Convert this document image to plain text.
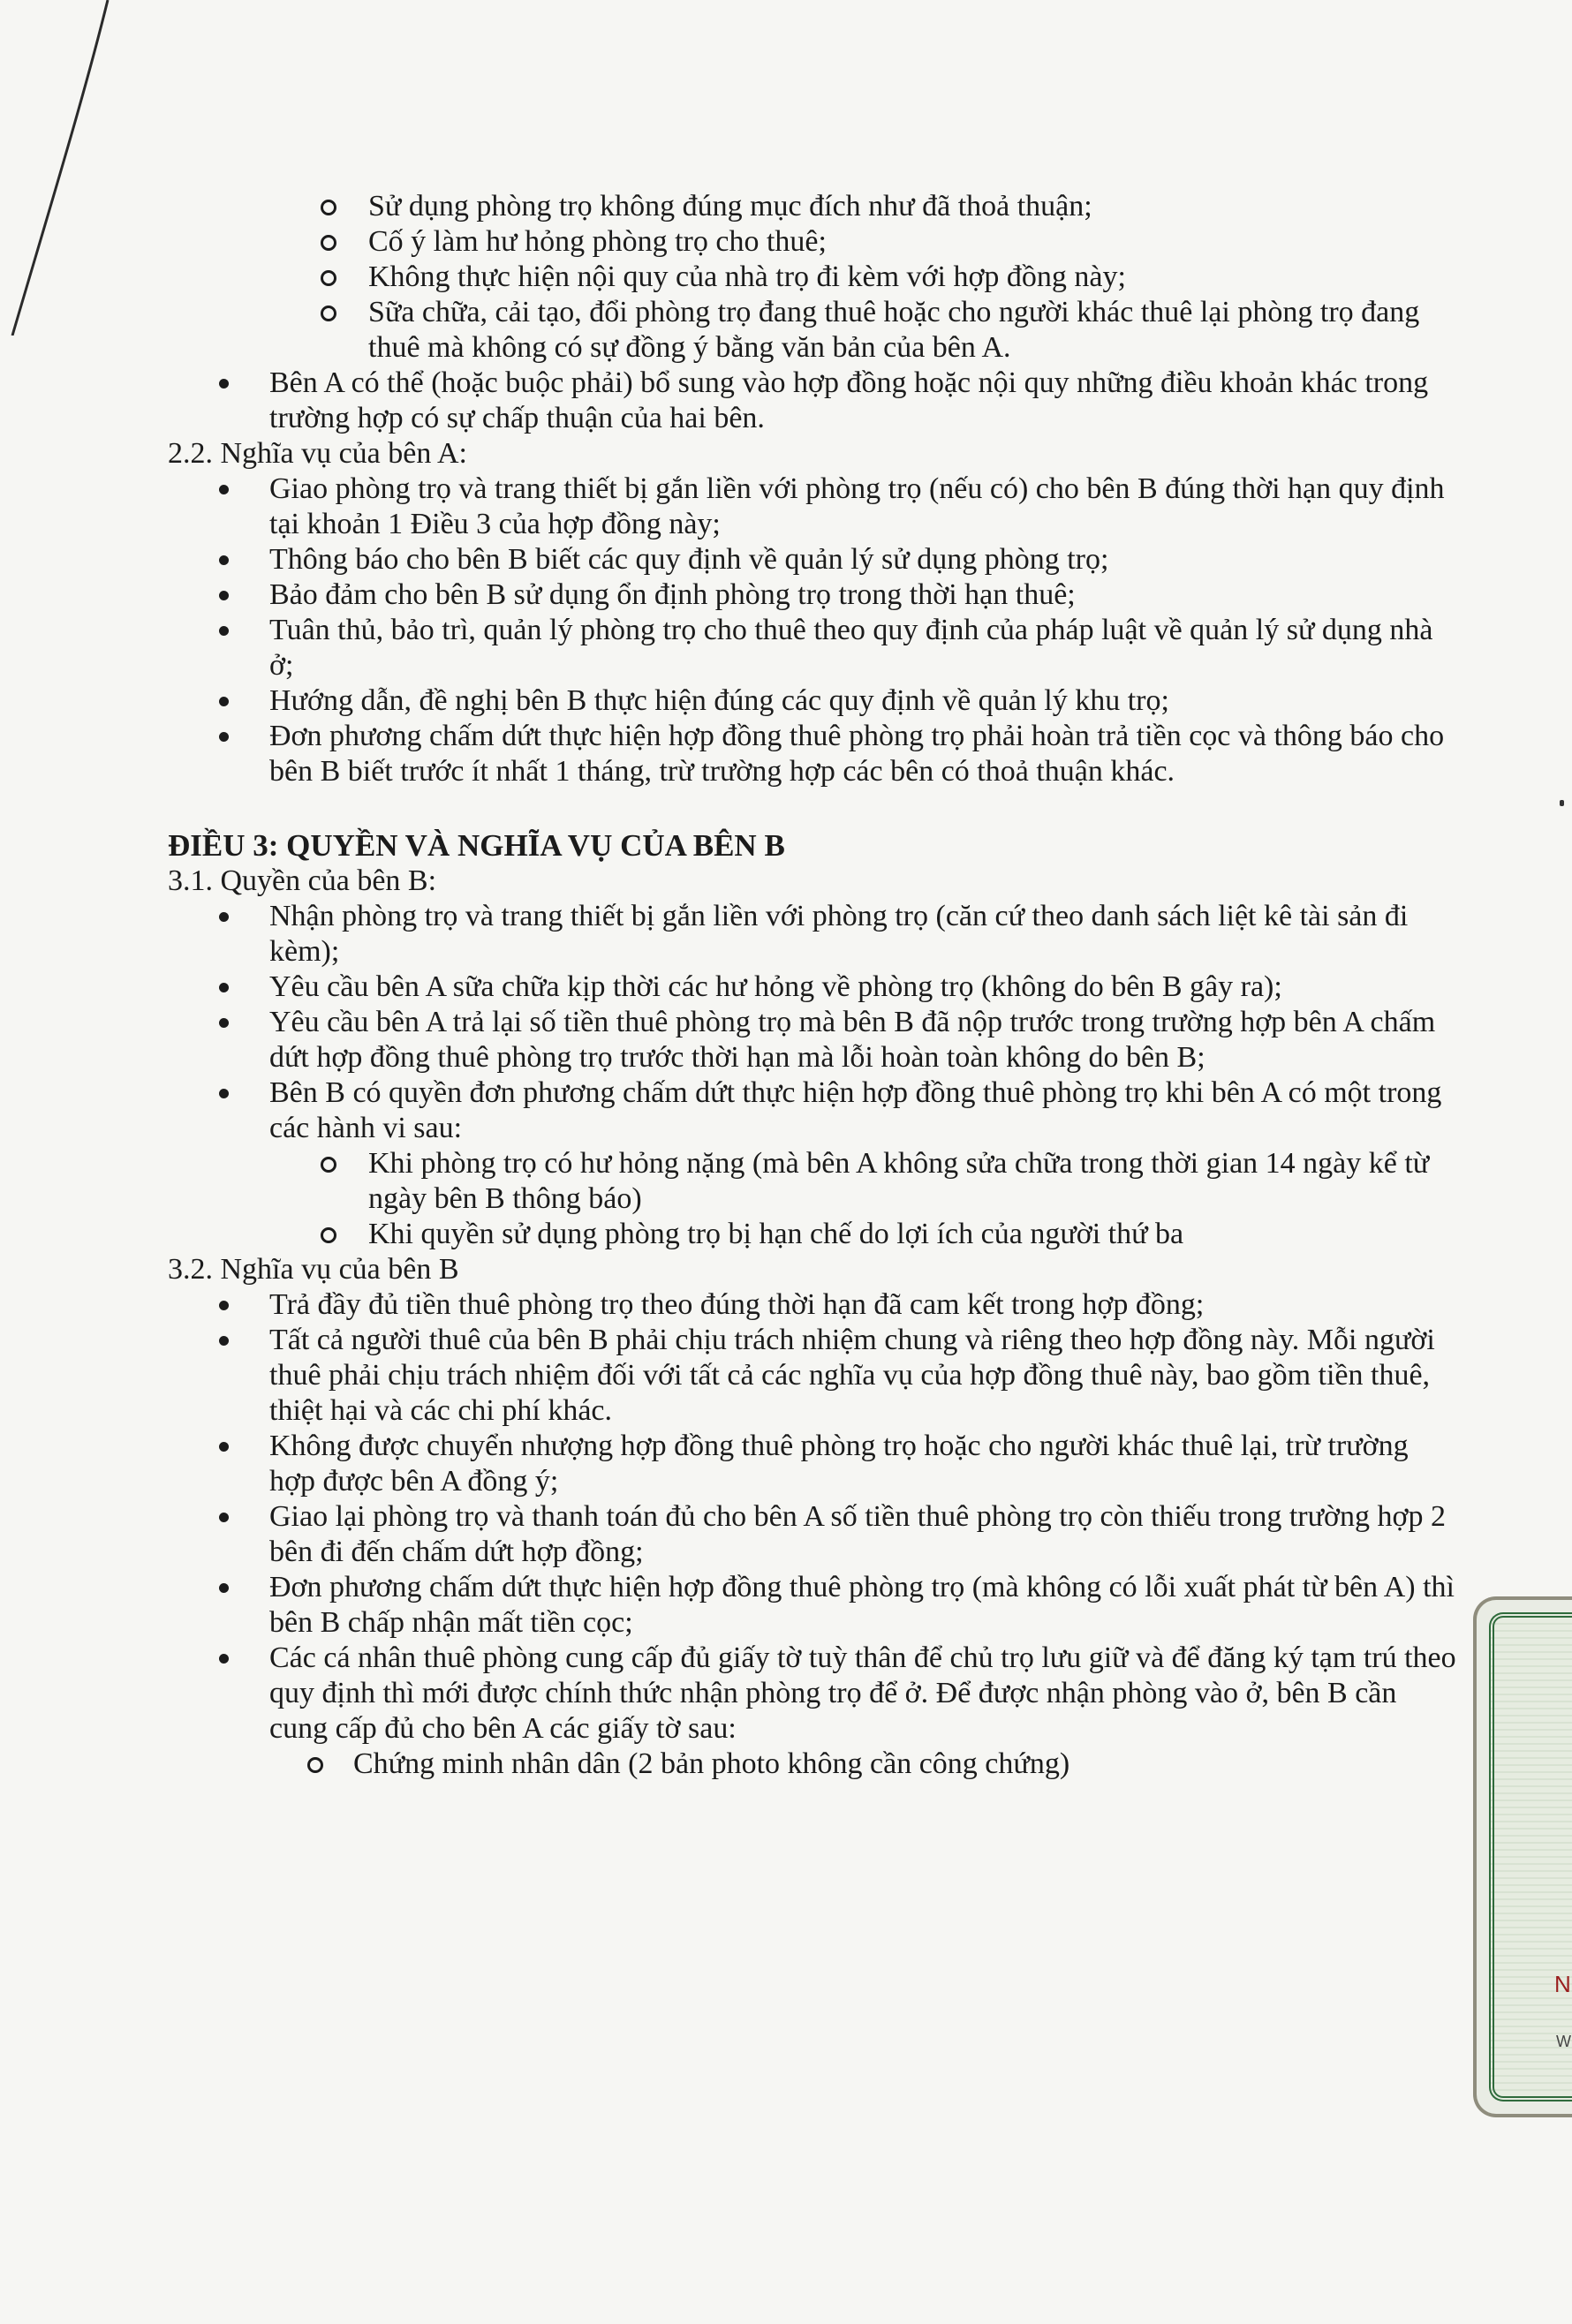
Sử dụng phòng trọ không đúng mục đích như đã thoả thuận;
Cố ý làm hư hỏng phòng trọ cho thuê;
Không thực hiện nội quy của nhà trọ đi kèm với hợp đồng này;
Sữa chữa, cải tạo, đổi phòng trọ đang thuê hoặc cho người khác thuê lại phòng trọ đang thuê mà không có sự đồng ý bằng văn bản của bên A.
Bên A có thể (hoặc buộc phải) bổ sung vào hợp đồng hoặc nội quy những điều khoản khác trong trường hợp có sự chấp thuận của hai bên.
2.2. Nghĩa vụ của bên A:
Giao phòng trọ và trang thiết bị gắn liền với phòng trọ (nếu có) cho bên B đúng thời hạn quy định tại khoản 1 Điều 3 của hợp đồng này;
Thông báo cho bên B biết các quy định về quản lý sử dụng phòng trọ;
Bảo đảm cho bên B sử dụng ổn định phòng trọ trong thời hạn thuê;
Tuân thủ, bảo trì, quản lý phòng trọ cho thuê theo quy định của pháp luật về quản lý sử dụng nhà ở;
Hướng dẫn, đề nghị bên B thực hiện đúng các quy định về quản lý khu trọ;
Đơn phương chấm dứt thực hiện hợp đồng thuê phòng trọ phải hoàn trả tiền cọc và thông báo cho bên B biết trước ít nhất 1 tháng, trừ trường hợp các bên có thoả thuận khác.
ĐIỀU 3: QUYỀN VÀ NGHĨA VỤ CỦA BÊN B
3.1. Quyền của bên B:
Nhận phòng trọ và trang thiết bị gắn liền với phòng trọ (căn cứ theo danh sách liệt kê tài sản đi kèm);
Yêu cầu bên A sữa chữa kịp thời các hư hỏng về phòng trọ (không do bên B gây ra);
Yêu cầu bên A trả lại số tiền thuê phòng trọ mà bên B đã nộp trước trong trường hợp bên A chấm dứt hợp đồng thuê phòng trọ trước thời hạn mà lỗi hoàn toàn không do bên B;
Bên B có quyền đơn phương chấm dứt thực hiện hợp đồng thuê phòng trọ khi bên A có một trong các hành vi sau:
Khi phòng trọ có hư hỏng nặng (mà bên A không sửa chữa trong thời gian 14 ngày kể từ ngày bên B thông báo)
Khi quyền sử dụng phòng trọ bị hạn chế do lợi ích của người thứ ba
3.2. Nghĩa vụ của bên B
Trả đầy đủ tiền thuê phòng trọ theo đúng thời hạn đã cam kết trong hợp đồng;
Tất cả người thuê của bên B phải chịu trách nhiệm chung và riêng theo hợp đồng này. Mỗi người thuê phải chịu trách nhiệm đối với tất cả các nghĩa vụ của hợp đồng thuê này, bao gồm tiền thuê, thiệt hại và các chi phí khác.
Không được chuyển nhượng hợp đồng thuê phòng trọ hoặc cho người khác thuê lại, trừ trường hợp được bên A đồng ý;
Giao lại phòng trọ và thanh toán đủ cho bên A số tiền thuê phòng trọ còn thiếu trong trường hợp 2 bên đi đến chấm dứt hợp đồng;
Đơn phương chấm dứt thực hiện hợp đồng thuê phòng trọ (mà không có lỗi xuất phát từ bên A) thì bên B chấp nhận mất tiền cọc;
Các cá nhân thuê phòng cung cấp đủ giấy tờ tuỳ thân để chủ trọ lưu giữ và để đăng ký tạm trú theo quy định thì mới được chính thức nhận phòng trọ để ở. Để được nhận phòng vào ở, bên B cần cung cấp đủ cho bên A các giấy tờ sau:
Chứng minh nhân dân (2 bản photo không cần công chứng)
N
W
